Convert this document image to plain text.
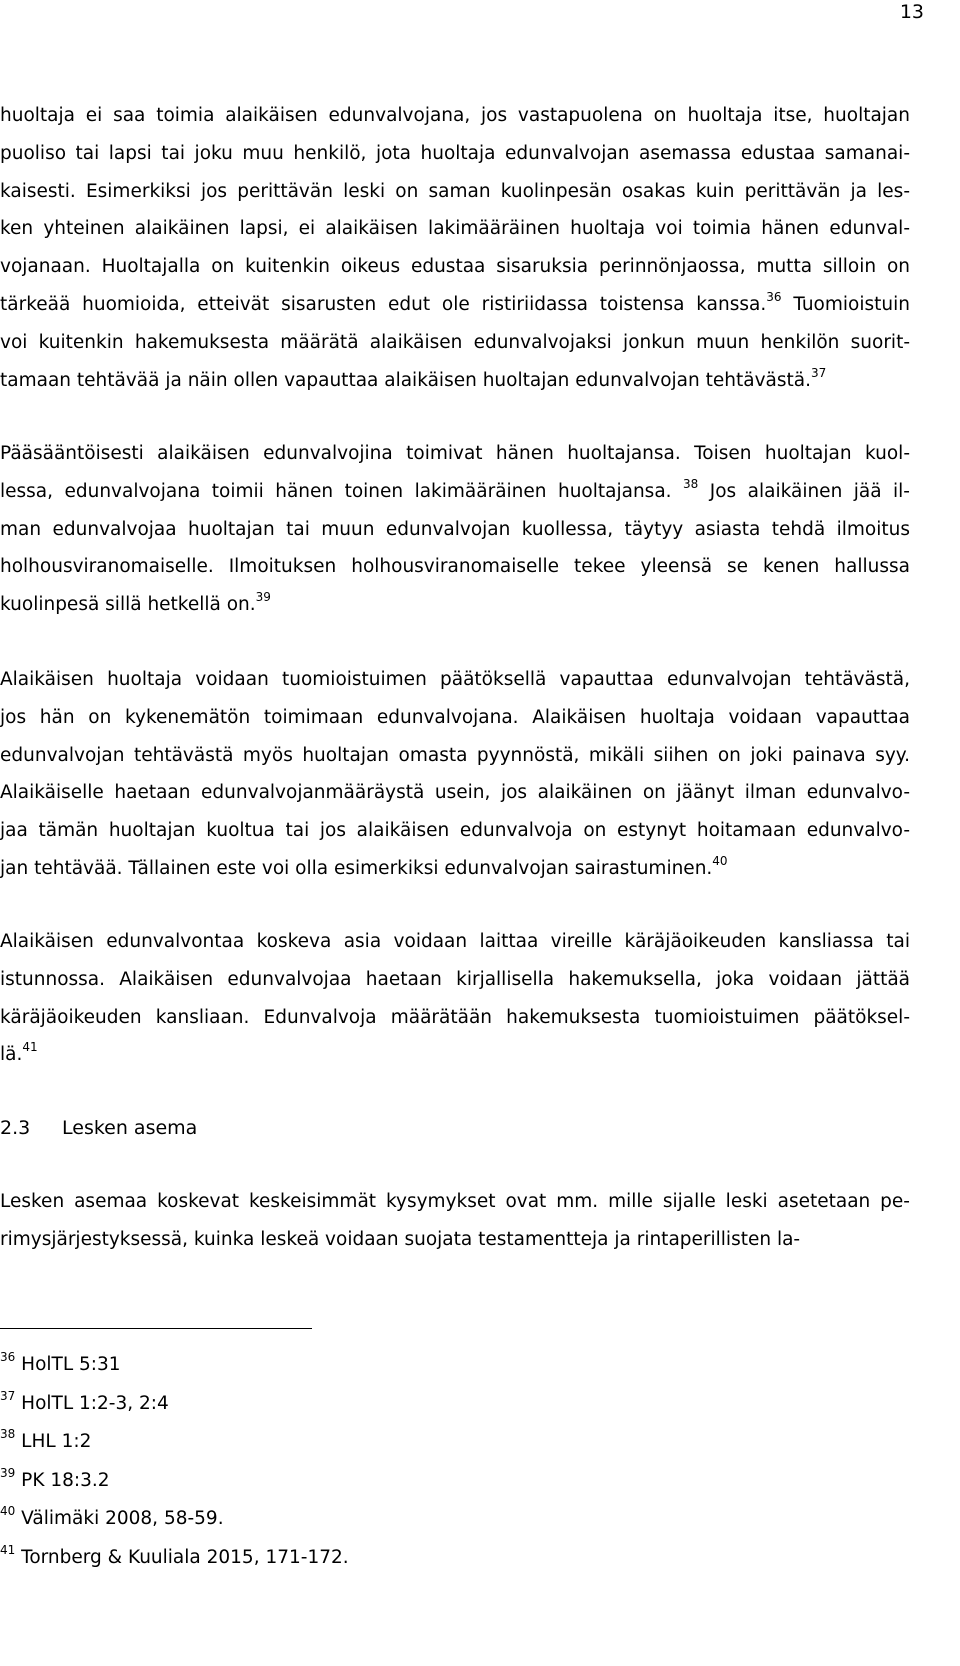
13
huoltaja ei saa toimia alaikäisen edunvalvojana, jos vastapuolena on huoltaja itse, huoltajan
puoliso tai lapsi tai joku muu henkilö, jota huoltaja edunvalvojan asemassa edustaa samanai-
kaisesti. Esimerkiksi jos perittävän leski on saman kuolinpesän osakas kuin perittävän ja les-
ken yhteinen alaikäinen lapsi, ei alaikäisen lakimääräinen huoltaja voi toimia hänen edunval-
vojanaan. Huoltajalla on kuitenkin oikeus edustaa sisaruksia perinnönjaossa, mutta silloin on
tärkeää huomioida, etteivät sisarusten edut ole ristiriidassa toistensa kanssa.$^{36}$ Tuomioistuin
voi kuitenkin hakemuksesta määrätä alaikäisen edunvalvojaksi jonkun muun henkilön suorit-
tamaan tehtävää ja näin ollen vapauttaa alaikäisen huoltajan edunvalvojan tehtävästä.$^{37}$
Pääsääntöisesti alaikäisen edunvalvojina toimivat hänen huoltajansa. Toisen huoltajan kuol-
lessa, edunvalvojana toimii hänen toinen lakimääräinen huoltajansa. $^{38}$ Jos alaikäinen jää il-
man edunvalvojaa huoltajan tai muun edunvalvojan kuollessa, täytyy asiasta tehdä ilmoitus
holhousviranomaiselle. Ilmoituksen holhousviranomaiselle tekee yleensä se kenen hallussa
kuolinpesä sillä hetkellä on.$^{39}$
Alaikäisen huoltaja voidaan tuomioistuimen päätöksellä vapauttaa edunvalvojan tehtävästä,
jos hän on kykenemätön toimimaan edunvalvojana. Alaikäisen huoltaja voidaan vapauttaa
edunvalvojan tehtävästä myös huoltajan omasta pyynnöstä, mikäli siihen on joki painava syy.
Alaikäiselle haetaan edunvalvojanmääräystä usein, jos alaikäinen on jäänyt ilman edunvalvo-
jaa tämän huoltajan kuoltua tai jos alaikäisen edunvalvoja on estynyt hoitamaan edunvalvo-
jan tehtävää. Tällainen este voi olla esimerkiksi edunvalvojan sairastuminen.$^{40}$
Alaikäisen edunvalvontaa koskeva asia voidaan laittaa vireille käräjäoikeuden kansliassa tai
istunnossa. Alaikäisen edunvalvojaa haetaan kirjallisella hakemuksella, joka voidaan jättää
käräjäoikeuden kansliaan. Edunvalvoja määrätään hakemuksesta tuomioistuimen päätöksel-
lä.$^{41}$
2.3 Lesken asema
Lesken asemaa koskevat keskeisimmät kysymykset ovat mm. mille sijalle leski asetetaan pe-
rimysjärjestyksessä, kuinka leskeä voidaan suojata testamentteja ja rintaperillisten la-
$^{36}$ HolTL 5:31
$^{37}$ HolTL 1:2-3, 2:4
$^{38}$ LHL 1:2
$^{39}$ PK 18:3.2
$^{40}$ Välimäki 2008, 58-59.
$^{41}$ Tornberg & Kuuliala 2015, 171-172.
